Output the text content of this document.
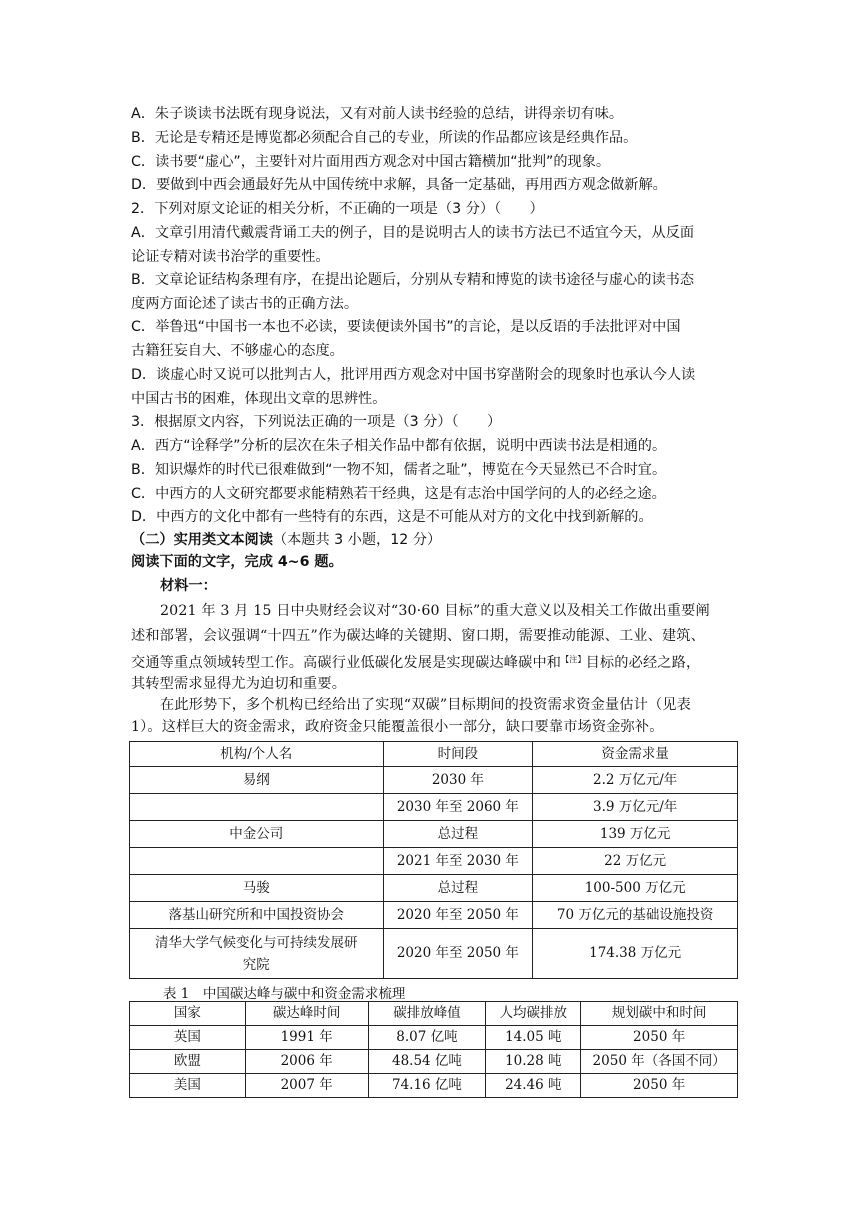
A．朱子谈读书法既有现身说法，又有对前人读书经验的总结，讲得亲切有味。
B．无论是专精还是博览都必须配合自己的专业，所读的作品都应该是经典作品。
C．读书要“虚心”，主要针对片面用西方观念对中国古籍横加“批判”的现象。
D．要做到中西会通最好先从中国传统中求解，具备一定基础，再用西方观念做新解。
2．下列对原文论证的相关分析，不正确的一项是（3 分）（　　）
A．文章引用清代戴震背诵工夫的例子，目的是说明古人的读书方法已不适宜今天，从反面
论证专精对读书治学的重要性。
B．文章论证结构条理有序，在提出论题后，分别从专精和博览的读书途径与虚心的读书态
度两方面论述了读古书的正确方法。
C．举鲁迅“中国书一本也不必读，要读便读外国书”的言论，是以反语的手法批评对中国
古籍狂妄自大、不够虚心的态度。
D．谈虚心时又说可以批判古人，批评用西方观念对中国书穿凿附会的现象时也承认今人读
中国古书的困难，体现出文章的思辨性。
3．根据原文内容，下列说法正确的一项是（3 分）（　　）
A．西方“诠释学”分析的层次在朱子相关作品中都有依据，说明中西读书法是相通的。
B．知识爆炸的时代已很难做到“一物不知，儒者之耻”，博览在今天显然已不合时宜。
C．中西方的人文研究都要求能精熟若干经典，这是有志治中国学问的人的必经之途。
D．中西方的文化中都有一些特有的东西，这是不可能从对方的文化中找到新解的。
（二）实用类文本阅读（本题共 3 小题，12 分）
阅读下面的文字，完成 4~6 题。
材料一：
2021 年 3 月 15 日中央财经会议对“30·60 目标”的重大意义以及相关工作做出重要阐
述和部署，会议强调“十四五”作为碳达峰的关键期、窗口期，需要推动能源、工业、建筑、
交通等重点领域转型工作。高碳行业低碳化发展是实现碳达峰碳中和$^{【注】}$目标的必经之路，
其转型需求显得尤为迫切和重要。
在此形势下，多个机构已经给出了实现“双碳”目标期间的投资需求资金量估计（见表
1）。这样巨大的资金需求，政府资金只能覆盖很小一部分，缺口要靠市场资金弥补。
机构/个人名	时间段	资金需求量
易纲	2030 年	2.2 万亿元/年
	2030 年至 2060 年	3.9 万亿元/年
中金公司	总过程	139 万亿元
	2021 年至 2030 年	22 万亿元
马骏	总过程	100-500 万亿元
落基山研究所和中国投资协会	2020 年至 2050 年	70 万亿元的基础设施投资

清华大学气候变化与可持续发展研
究院	2020 年至 2050 年	174.38 万亿元
表 1　中国碳达峰与碳中和资金需求梳理
国家	碳达峰时间	碳排放峰值	人均碳排放	规划碳中和时间
英国	1991 年	8.07 亿吨	14.05 吨	2050 年
欧盟	2006 年	48.54 亿吨	10.28 吨	2050 年（各国不同）
美国	2007 年	74.16 亿吨	24.46 吨	2050 年
